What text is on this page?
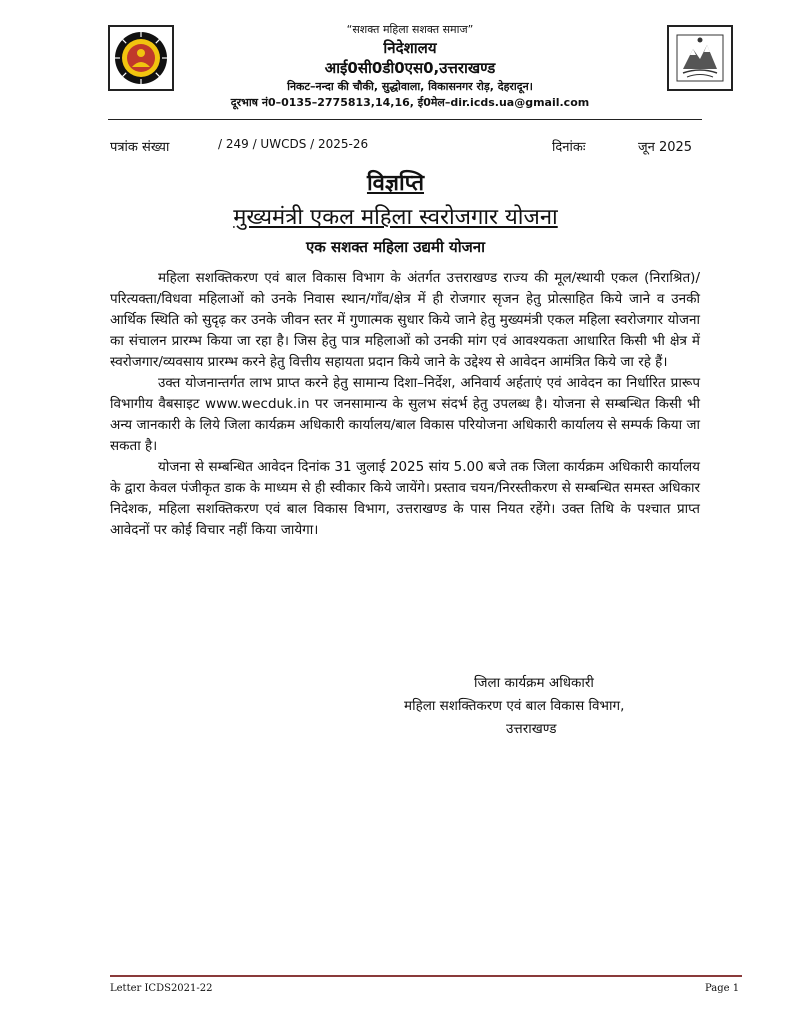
“सशक्त महिला सशक्त समाज”
निदेशालय
आई0सी0डी0एस0,उत्तराखण्ड
निकट–नन्दा की चौकी, सुद्धोवाला, विकासनगर रोड़, देहरादून।
दूरभाष नं0–0135–2775813,14,16, ई0मेल–dir.icds.ua@gmail.com
पत्रांक संख्या	/ 249 / UWCDS / 2025-26	दिनांकः	जून 2025
विज्ञप्ति
मुख्यमंत्री एकल महिला स्वरोजगार योजना
एक सशक्त महिला उद्यमी योजना

महिला सशक्तिकरण एवं बाल विकास विभाग के अंतर्गत उत्तराखण्ड राज्य की मूल/स्थायी एकल (निराश्रित)/परित्यक्ता/विधवा महिलाओं को उनके निवास स्थान/गाँव/क्षेत्र में ही रोजगार सृजन हेतु प्रोत्साहित किये जाने व उनकी आर्थिक स्थिति को सुदृढ़ कर उनके जीवन स्तर में गुणात्मक सुधार किये जाने हेतु मुख्यमंत्री एकल महिला स्वरोजगार योजना का संचालन प्रारम्भ किया जा रहा है। जिस हेतु पात्र महिलाओं को उनकी मांग एवं आवश्यकता आधारित किसी भी क्षेत्र में स्वरोजगार/व्यवसाय प्रारम्भ करने हेतु वित्तीय सहायता प्रदान किये जाने के उद्देश्य से आवेदन आमंत्रित किये जा रहे हैं।

उक्त योजनान्तर्गत लाभ प्राप्त करने हेतु सामान्य दिशा–निर्देश, अनिवार्य अर्हताएं एवं आवेदन का निर्धारित प्रारूप विभागीय वैबसाइट www.wecduk.in पर जनसामान्य के सुलभ संदर्भ हेतु उपलब्ध है। योजना से सम्बन्धित किसी भी अन्य जानकारी के लिये जिला कार्यक्रम अधिकारी कार्यालय/बाल विकास परियोजना अधिकारी कार्यालय से सम्पर्क किया जा सकता है।

योजना से सम्बन्धित आवेदन दिनांक 31 जुलाई 2025 सांय 5.00 बजे तक जिला कार्यक्रम अधिकारी कार्यालय के द्वारा केवल पंजीकृत डाक के माध्यम से ही स्वीकार किये जायेंगे। प्रस्ताव चयन/निरस्तीकरण से सम्बन्धित समस्त अधिकार निदेशक, महिला सशक्तिकरण एवं बाल विकास विभाग, उत्तराखण्ड के पास नियत रहेंगे। उक्त तिथि के पश्चात प्राप्त आवेदनों पर कोई विचार नहीं किया जायेगा।

जिला कार्यक्रम अधिकारी
महिला सशक्तिकरण एवं बाल विकास विभाग,
उत्तराखण्ड
Letter ICDS2021-22	Page 1
